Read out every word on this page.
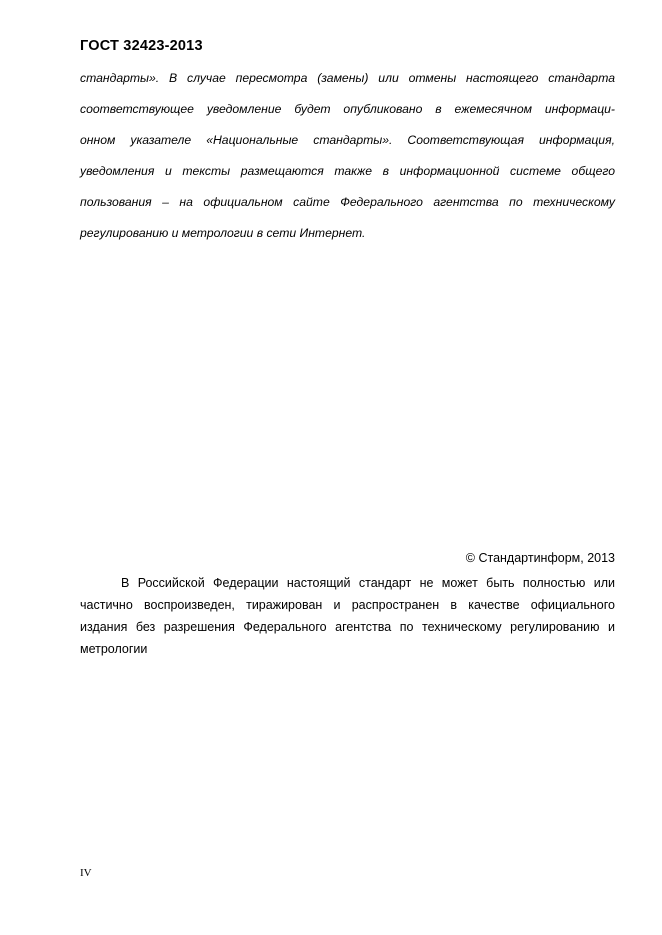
ГОСТ 32423-2013
стандарты». В случае пересмотра (замены) или отмены настоящего стандарта
соответствующее уведомление будет опубликовано в ежемесячном информаци-
онном указателе «Национальные стандарты». Соответствующая информация,
уведомления и тексты размещаются также в информационной системе общего
пользования – на официальном сайте Федерального агентства по техническому
регулированию и метрологии в сети Интернет.
© Стандартинформ, 2013
В Российской Федерации настоящий стандарт не может быть полностью или
частично воспроизведен, тиражирован и распространен в качестве официального
издания без разрешения Федерального агентства по техническому регулированию и
метрологии
IV
